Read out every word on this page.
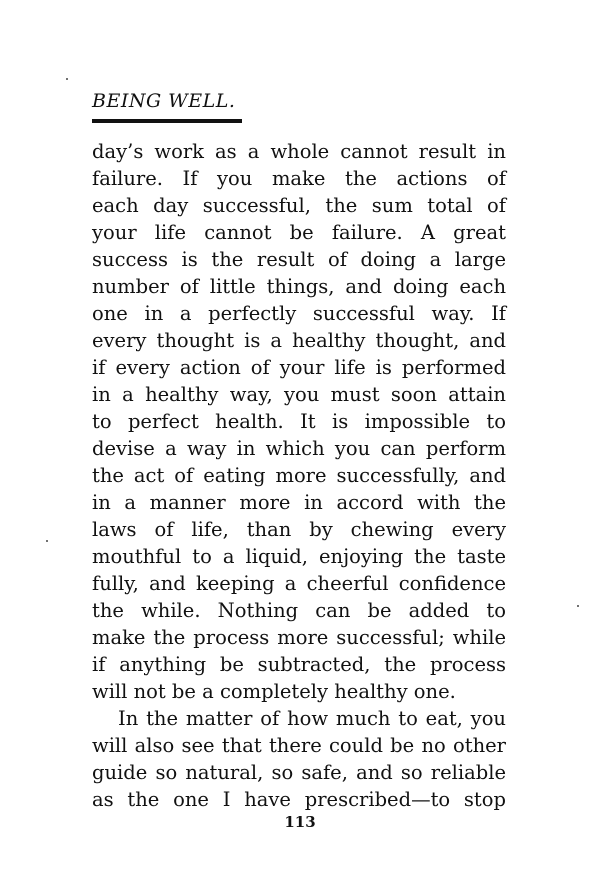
BEING WELL.
day’s work as a whole cannot result in
failure. If you make the actions of
each day successful, the sum total of
your life cannot be failure. A great
success is the result of doing a large
number of little things, and doing each
one in a perfectly successful way. If
every thought is a healthy thought, and
if every action of your life is performed
in a healthy way, you must soon attain
to perfect health. It is impossible to
devise a way in which you can perform
the act of eating more successfully, and
in a manner more in accord with the
laws of life, than by chewing every
mouthful to a liquid, enjoying the taste
fully, and keeping a cheerful confidence
the while. Nothing can be added to
make the process more successful; while
if anything be subtracted, the process
will not be a completely healthy one.
In the matter of how much to eat, you
will also see that there could be no other
guide so natural, so safe, and so reliable
as the one I have prescribed—to stop
113
